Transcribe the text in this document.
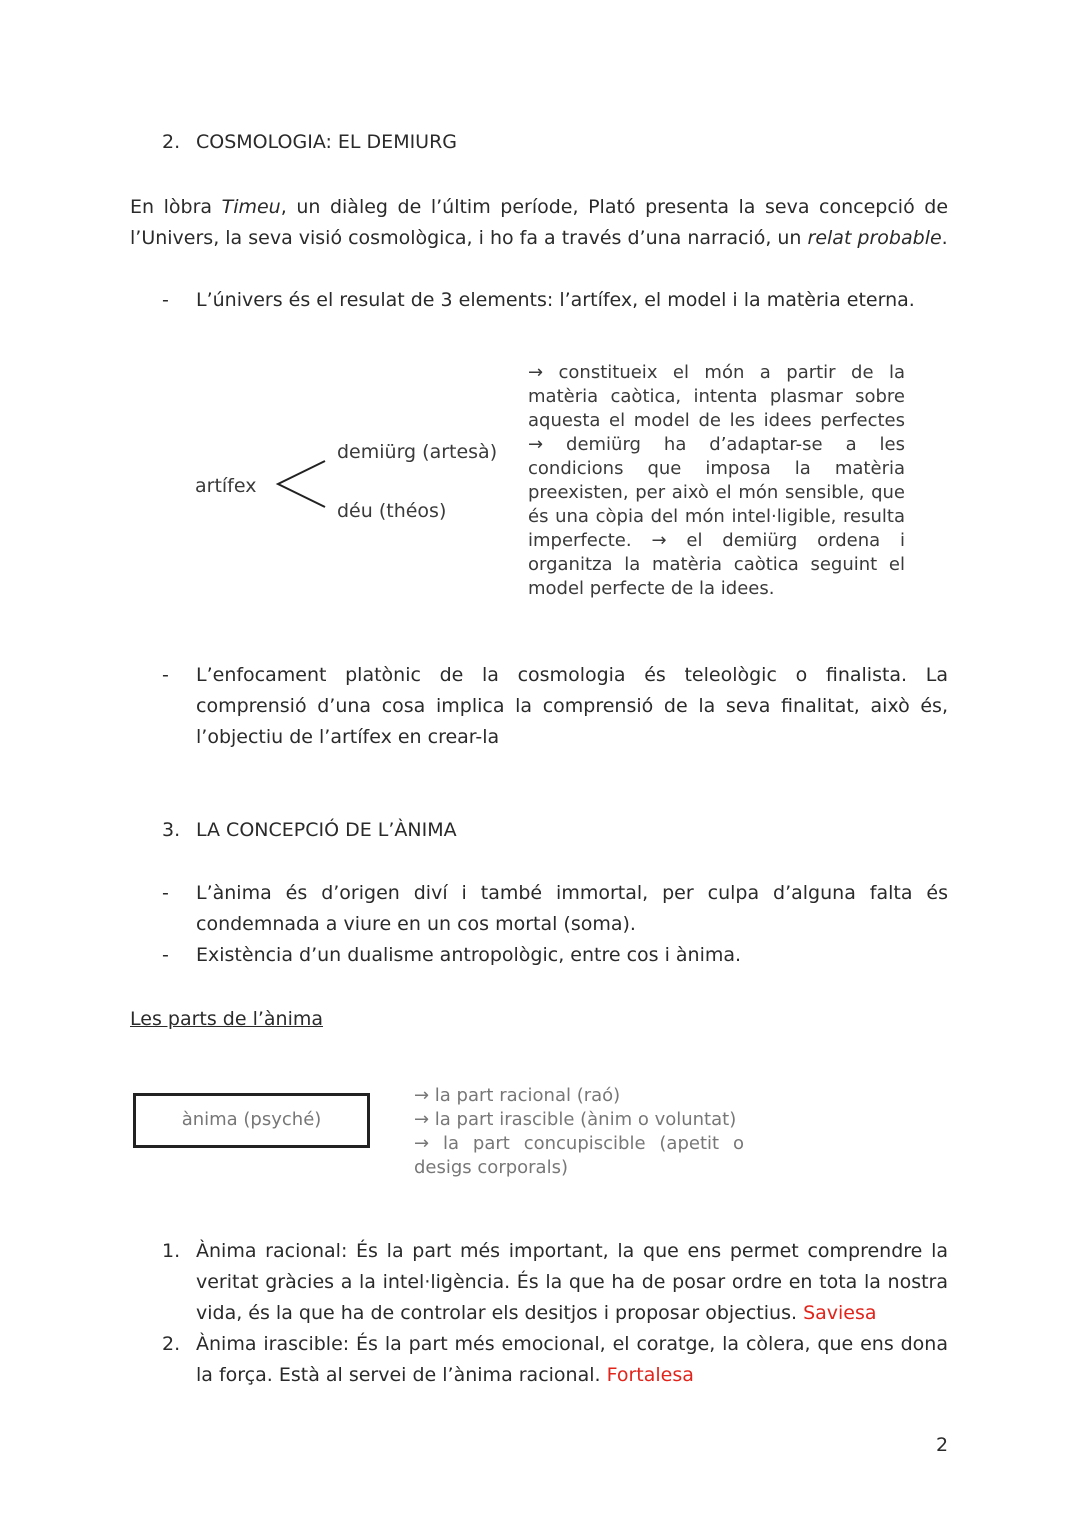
2. COSMOLOGIA: EL DEMIURG
En lòbra Timeu, un diàleg de l’últim període, Plató presenta la seva concepció de l’Univers, la seva visió cosmològica, i ho fa a través d’una narració, un relat probable.
- L’únivers és el resulat de 3 elements: l’artífex, el model i la matèria eterna.
artífex
demiürg (artesà)
déu (théos)
→ constitueix el món a partir de la matèria caòtica, intenta plasmar sobre aquesta el model de les idees perfectes → demiürg ha d’adaptar-se a les condicions que imposa la matèria preexisten, per això el món sensible, que és una còpia del món intel·ligible, resulta imperfecte. → el demiürg ordena i organitza la matèria caòtica seguint el model perfecte de la idees.
- L’enfocament platònic de la cosmologia és teleològic o finalista. La comprensió d’una cosa implica la comprensió de la seva finalitat, això és, l’objectiu de l’artífex en crear-la
3. LA CONCEPCIÓ DE L’ÀNIMA
- L’ànima és d’origen diví i també immortal, per culpa d’alguna falta és condemnada a viure en un cos mortal (soma).
- Existència d’un dualisme antropològic, entre cos i ànima.
Les parts de l’ànima
ànima (psyché)
→ la part racional (raó)
→ la part irascible (ànim o voluntat)
→ la part concupiscible (apetit o desigs corporals)
1. Ànima racional: És la part més important, la que ens permet comprendre la veritat gràcies a la intel·ligència. És la que ha de posar ordre en tota la nostra vida, és la que ha de controlar els desitjos i proposar objectius. Saviesa
2. Ànima irascible: És la part més emocional, el coratge, la còlera, que ens dona la força. Està al servei de l’ànima racional. Fortalesa
2
